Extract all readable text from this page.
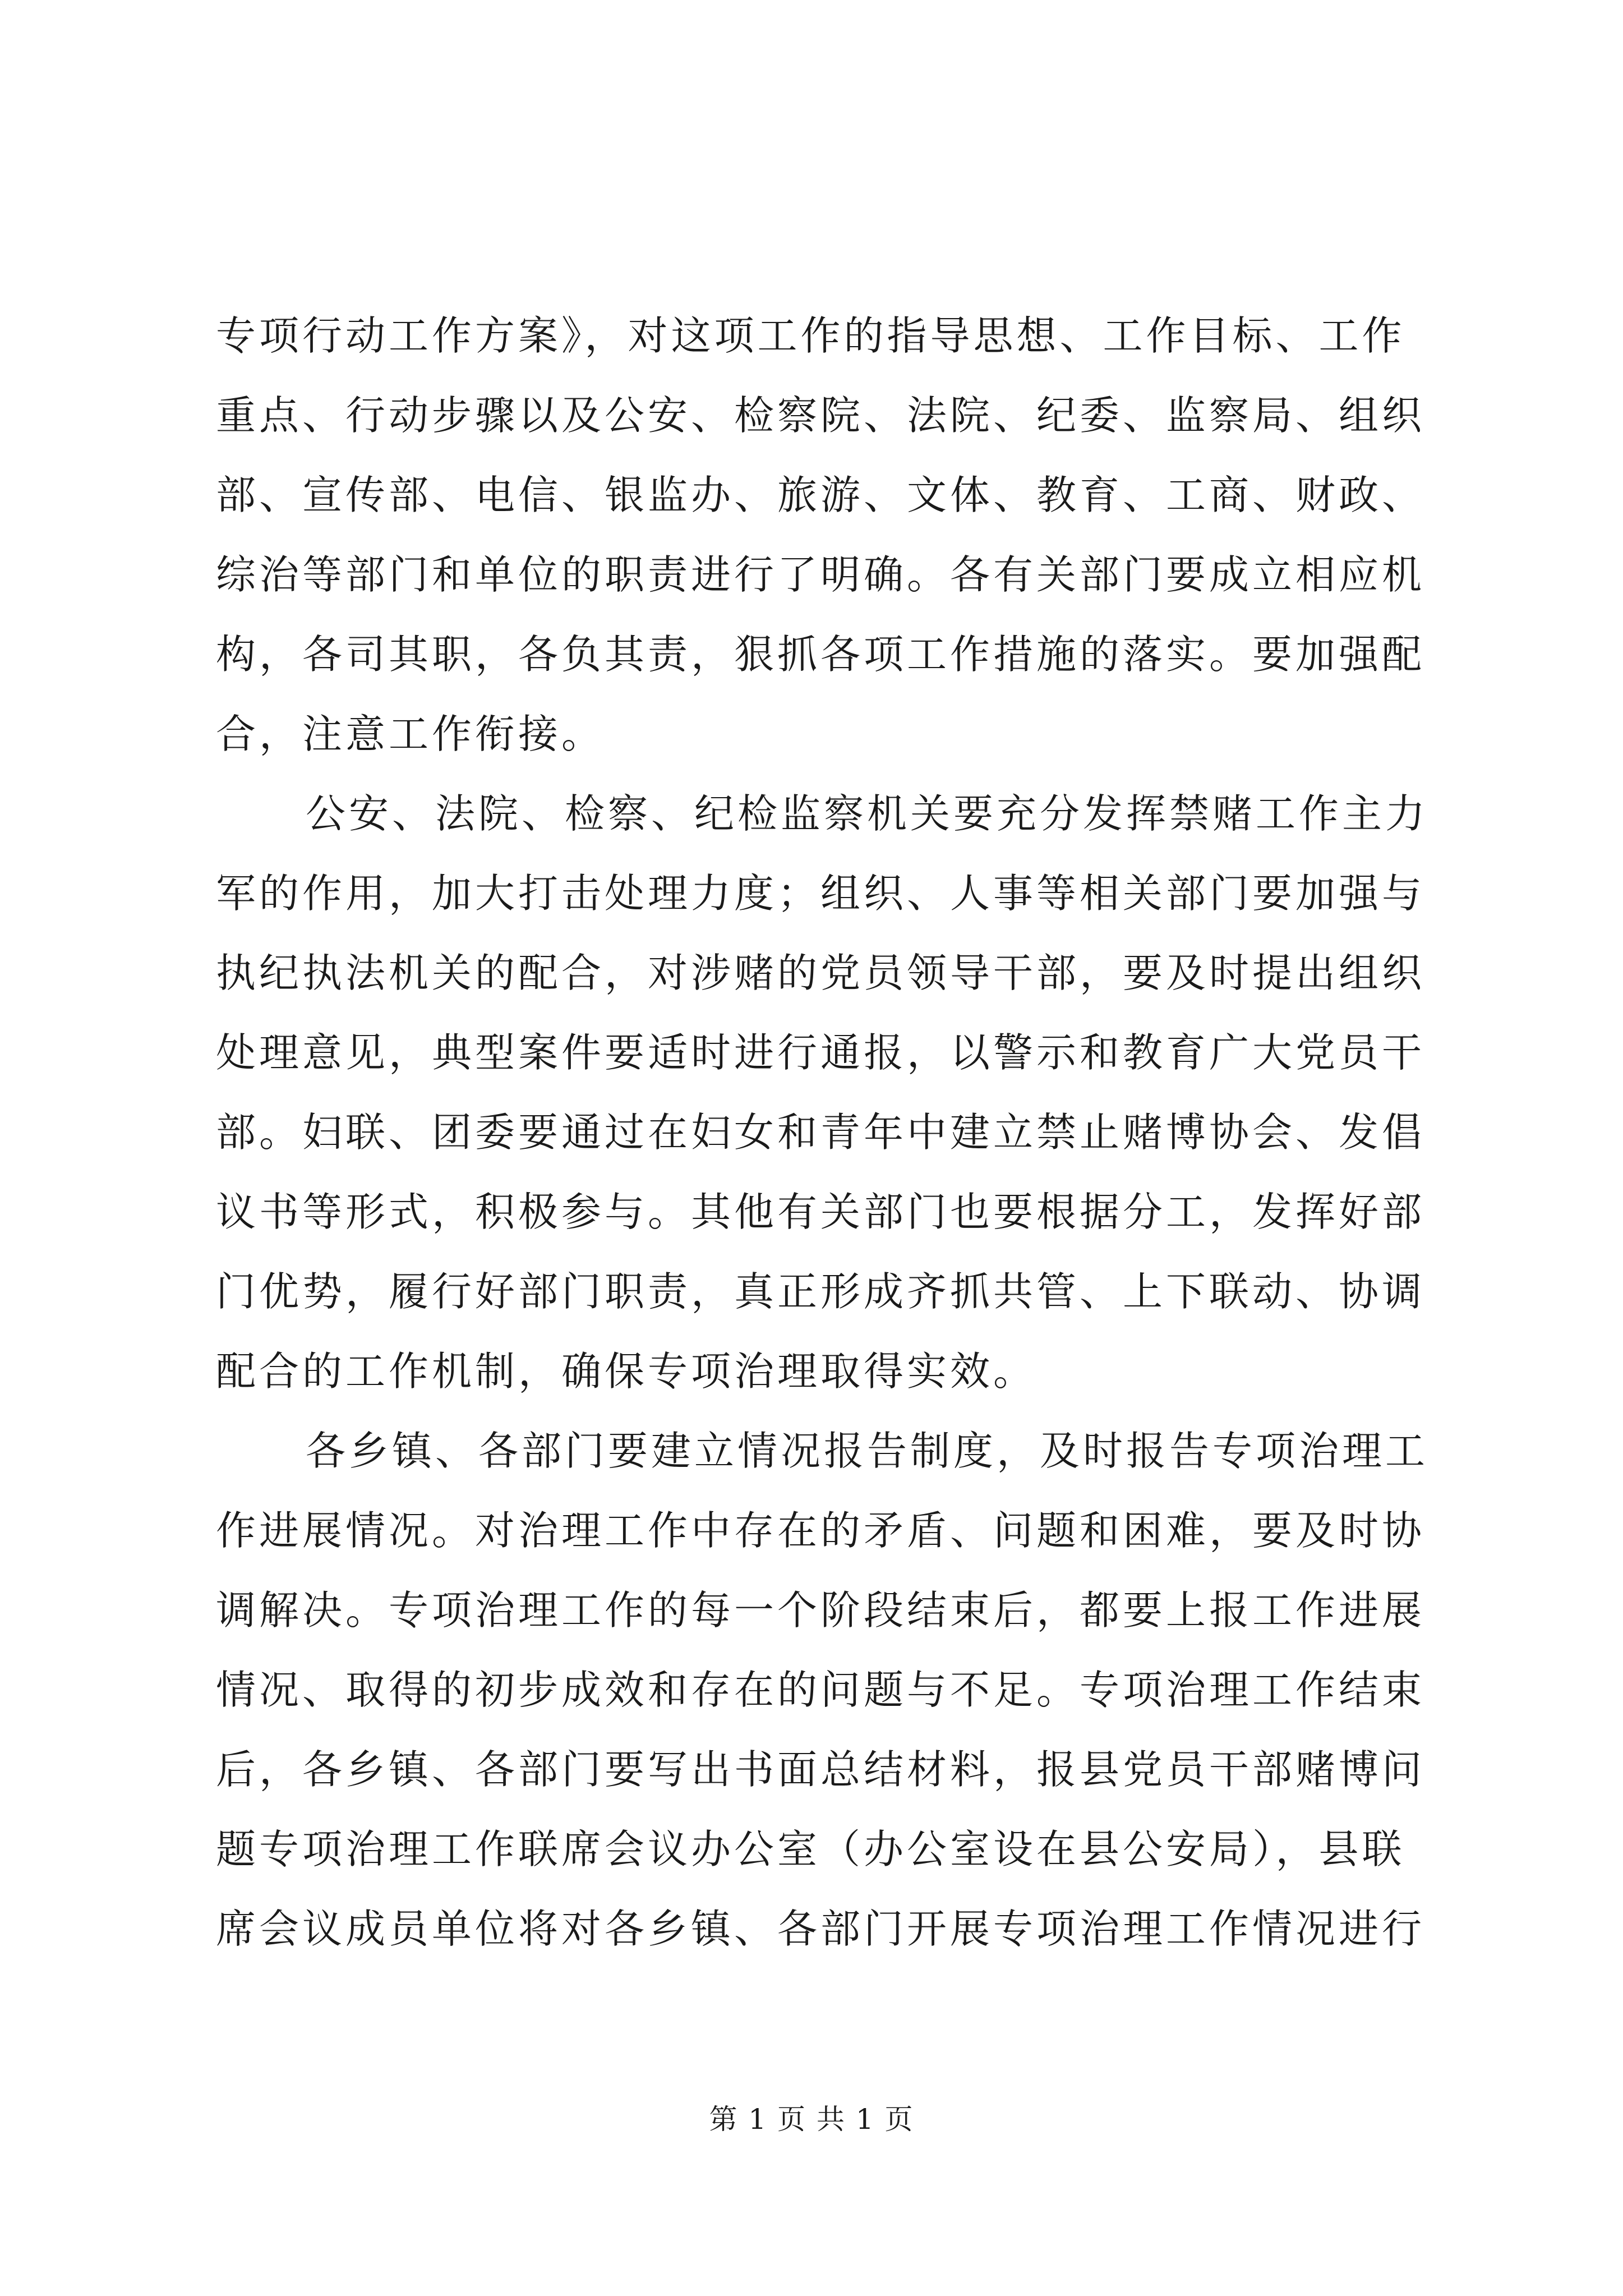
专项行动工作方案》，对这项工作的指导思想、工作目标、工作
重点、行动步骤以及公安、检察院、法院、纪委、监察局、组织
部、宣传部、电信、银监办、旅游、文体、教育、工商、财政、
综治等部门和单位的职责进行了明确。各有关部门要成立相应机
构，各司其职，各负其责，狠抓各项工作措施的落实。要加强配
合，注意工作衔接。
公安、法院、检察、纪检监察机关要充分发挥禁赌工作主力
军的作用，加大打击处理力度；组织、人事等相关部门要加强与
执纪执法机关的配合，对涉赌的党员领导干部，要及时提出组织
处理意见，典型案件要适时进行通报，以警示和教育广大党员干
部。妇联、团委要通过在妇女和青年中建立禁止赌博协会、发倡
议书等形式，积极参与。其他有关部门也要根据分工，发挥好部
门优势，履行好部门职责，真正形成齐抓共管、上下联动、协调
配合的工作机制，确保专项治理取得实效。
各乡镇、各部门要建立情况报告制度，及时报告专项治理工
作进展情况。对治理工作中存在的矛盾、问题和困难，要及时协
调解决。专项治理工作的每一个阶段结束后，都要上报工作进展
情况、取得的初步成效和存在的问题与不足。专项治理工作结束
后，各乡镇、各部门要写出书面总结材料，报县党员干部赌博问
题专项治理工作联席会议办公室（办公室设在县公安局），县联
席会议成员单位将对各乡镇、各部门开展专项治理工作情况进行
第 1 页 共 1 页
